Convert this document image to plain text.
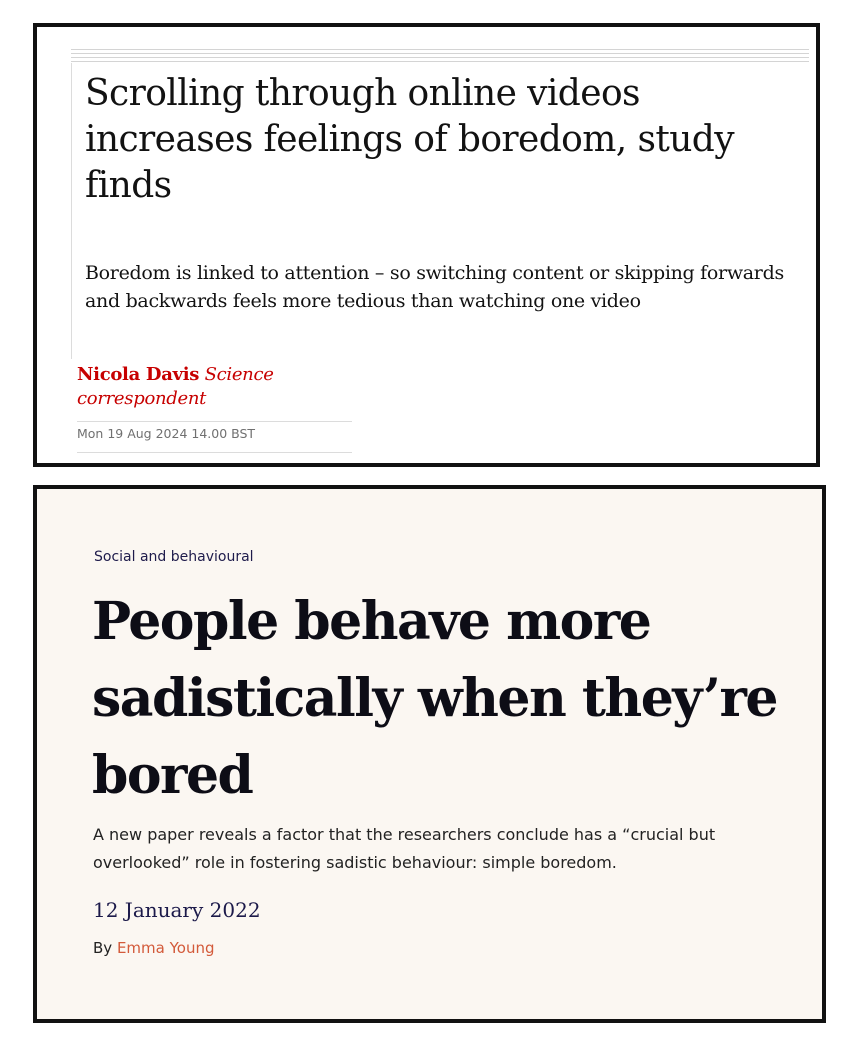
Scrolling through online videos increases feelings of boredom, study finds

Boredom is linked to attention – so switching content or skipping forwards and backwards feels more tedious than watching one video

Nicola Davis Science correspondent
Mon 19 Aug 2024 14.00 BST
Social and behavioural
People behave more sadistically when they’re bored

A new paper reveals a factor that the researchers conclude has a “crucial but overlooked” role in fostering sadistic behaviour: simple boredom.

12 January 2022
By Emma Young
